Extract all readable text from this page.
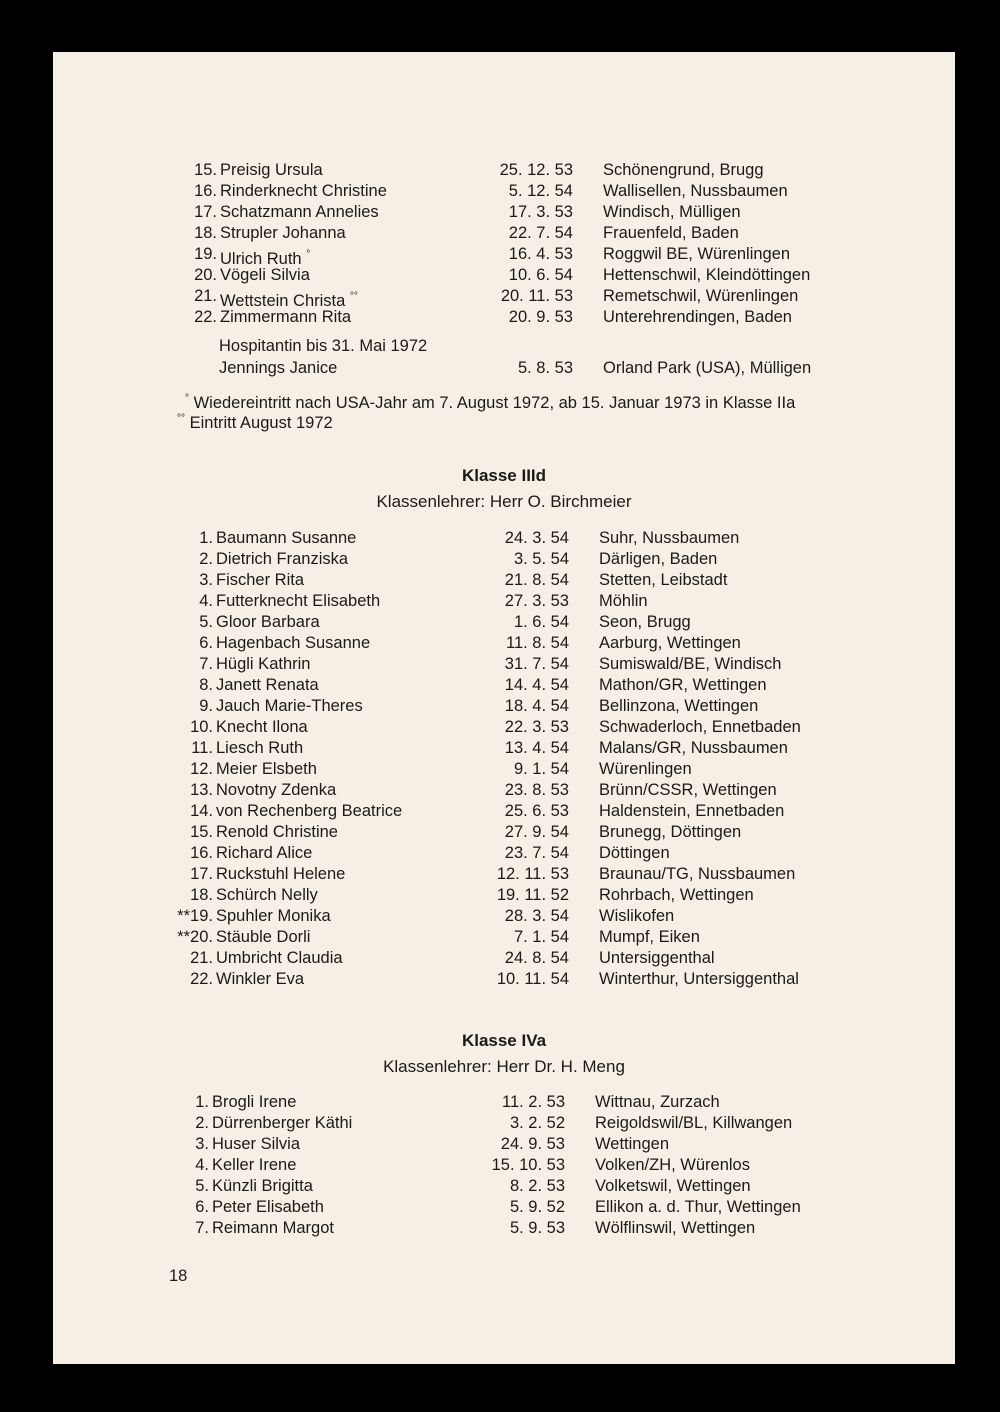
15. Preisig Ursula	25. 12. 53 Schönengrund, Brugg
16. Rinderknecht Christine	5. 12. 54 Wallisellen, Nussbaumen
17. Schatzmann Annelies	17. 3. 53 Windisch, Mülligen
18. Strupler Johanna	22. 7. 54 Frauenfeld, Baden
19. Ulrich Ruth °	16. 4. 53 Roggwil BE, Würenlingen
20. Vögeli Silvia	10. 6. 54 Hettenschwil, Kleindöttingen
21. Wettstein Christa °°	20. 11. 53 Remetschwil, Würenlingen
22. Zimmermann Rita	20. 9. 53 Unterehrendingen, Baden
Hospitantin bis 31. Mai 1972
Jennings Janice	5. 8. 53 Orland Park (USA), Mülligen
° Wiedereintritt nach USA-Jahr am 7. August 1972, ab 15. Januar 1973 in Klasse IIa
°° Eintritt August 1972
Klasse IIId
Klassenlehrer: Herr O. Birchmeier
1. Baumann Susanne	24. 3. 54 Suhr, Nussbaumen
2. Dietrich Franziska	3. 5. 54 Därligen, Baden
3. Fischer Rita	21. 8. 54 Stetten, Leibstadt
4. Futterknecht Elisabeth	27. 3. 53 Möhlin
5. Gloor Barbara	1. 6. 54 Seon, Brugg
6. Hagenbach Susanne	11. 8. 54 Aarburg, Wettingen
7. Hügli Kathrin	31. 7. 54 Sumiswald/BE, Windisch
8. Janett Renata	14. 4. 54 Mathon/GR, Wettingen
9. Jauch Marie-Theres	18. 4. 54 Bellinzona, Wettingen
10. Knecht Ilona	22. 3. 53 Schwaderloch, Ennetbaden
11. Liesch Ruth	13. 4. 54 Malans/GR, Nussbaumen
12. Meier Elsbeth	9. 1. 54 Würenlingen
13. Novotny Zdenka	23. 8. 53 Brünn/CSSR, Wettingen
14. von Rechenberg Beatrice	25. 6. 53 Haldenstein, Ennetbaden
15. Renold Christine	27. 9. 54 Brunegg, Döttingen
16. Richard Alice	23. 7. 54 Döttingen
17. Ruckstuhl Helene	12. 11. 53 Braunau/TG, Nussbaumen
18. Schürch Nelly	19. 11. 52 Rohrbach, Wettingen
**19. Spuhler Monika	28. 3. 54 Wislikofen
**20. Stäuble Dorli	7. 1. 54 Mumpf, Eiken
21. Umbricht Claudia	24. 8. 54 Untersiggenthal
22. Winkler Eva	10. 11. 54 Winterthur, Untersiggenthal
Klasse IVa
Klassenlehrer: Herr Dr. H. Meng
1. Brogli Irene	11. 2. 53 Wittnau, Zurzach
2. Dürrenberger Käthi	3. 2. 52 Reigoldswil/BL, Killwangen
3. Huser Silvia	24. 9. 53 Wettingen
4. Keller Irene	15. 10. 53 Volken/ZH, Würenlos
5. Künzli Brigitta	8. 2. 53 Volketswil, Wettingen
6. Peter Elisabeth	5. 9. 52 Ellikon a. d. Thur, Wettingen
7. Reimann Margot	5. 9. 53 Wölflinswil, Wettingen
18
